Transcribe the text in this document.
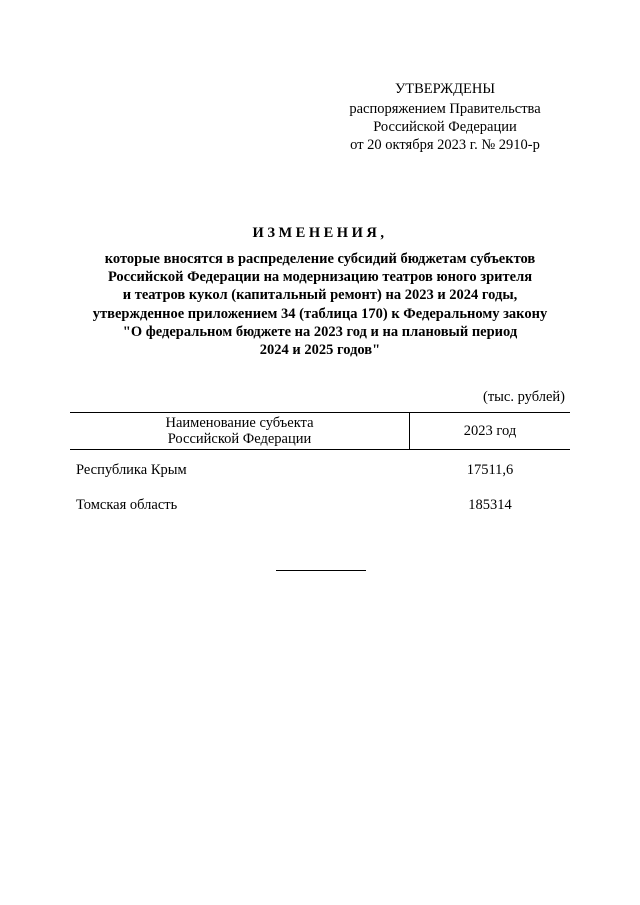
УТВЕРЖДЕНЫ
распоряжением Правительства
Российской Федерации
от 20 октября 2023 г. № 2910-р
ИЗМЕНЕНИЯ,
которые вносятся в распределение субсидий бюджетам субъектов
Российской Федерации на модернизацию театров юного зрителя
и театров кукол (капитальный ремонт) на 2023 и 2024 годы,
утвержденное приложением 34 (таблица 170) к Федеральному закону
"О федеральном бюджете на 2023 год и на плановый период
2024 и 2025 годов"
(тыс. рублей)
Наименование субъекта
Российской Федерации	2023 год
Республика Крым	17511,6
Томская область	185314
